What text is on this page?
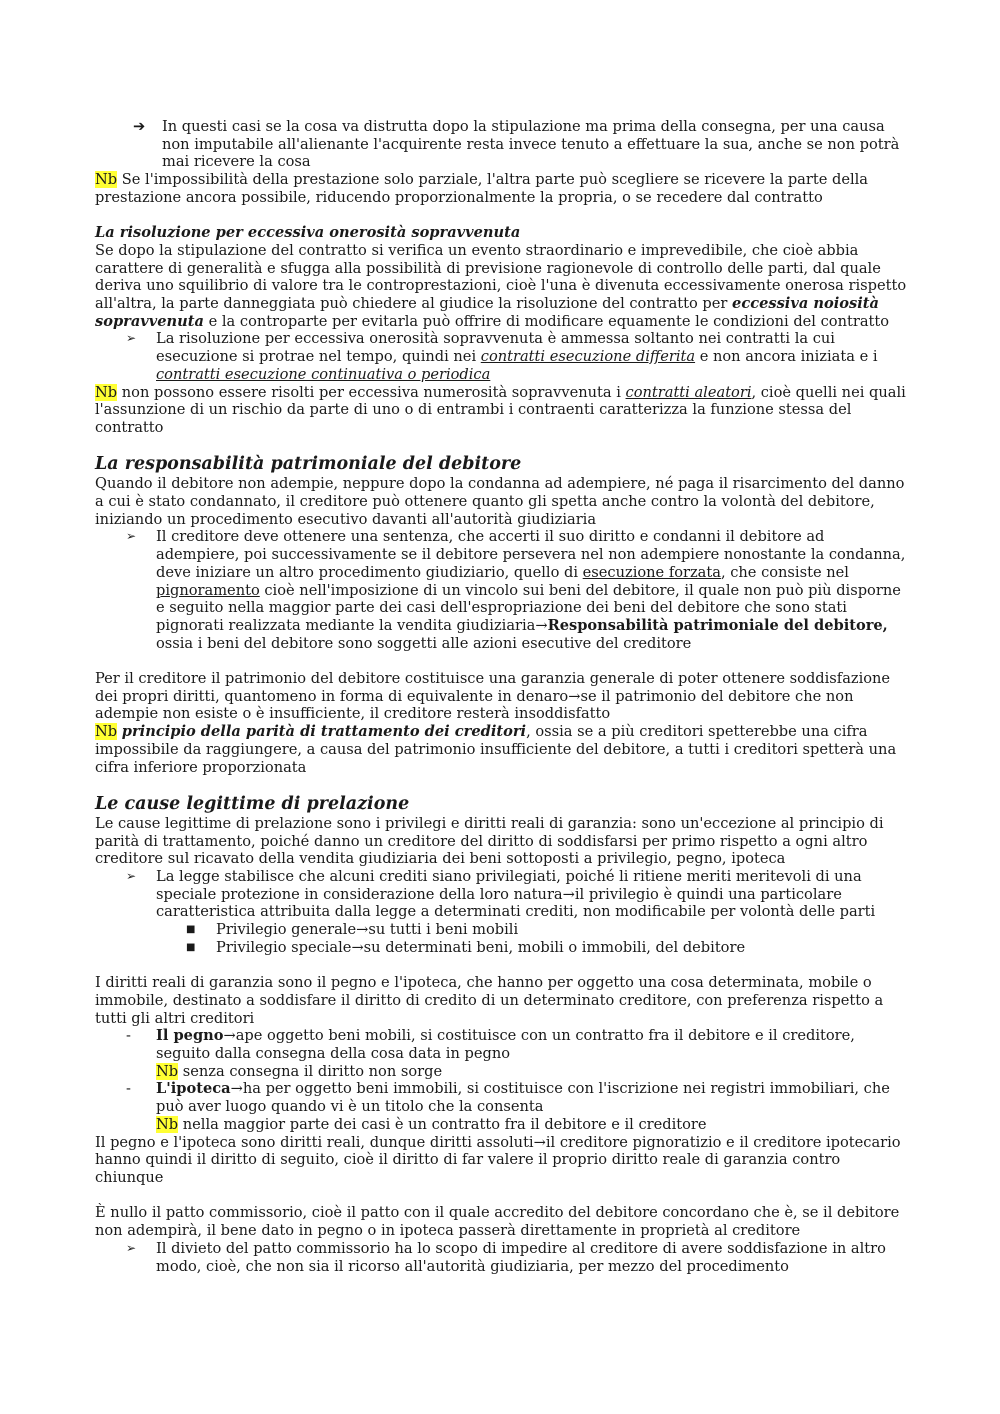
➔ In questi casi se la cosa va distrutta dopo la stipulazione ma prima della consegna, per una causa non imputabile all'alienante l'acquirente resta invece tenuto a effettuare la sua, anche se non potrà mai ricevere la cosa

Nb Se l'impossibilità della prestazione solo parziale, l'altra parte può scegliere se ricevere la parte della prestazione ancora possibile, riducendo proporzionalmente la propria, o se recedere dal contratto

La risoluzione per eccessiva onerosità sopravvenuta

Se dopo la stipulazione del contratto si verifica un evento straordinario e imprevedibile, che cioè abbia carattere di generalità e sfugga alla possibilità di previsione ragionevole di controllo delle parti, dal quale deriva uno squilibrio di valore tra le controprestazioni, cioè l'una è divenuta eccessivamente onerosa rispetto all'altra, la parte danneggiata può chiedere al giudice la risoluzione del contratto per eccessiva noiosità sopravvenuta e la controparte per evitarla può offrire di modificare equamente le condizioni del contratto

➢ La risoluzione per eccessiva onerosità sopravvenuta è ammessa soltanto nei contratti la cui esecuzione si protrae nel tempo, quindi nei contratti esecuzione differita e non ancora iniziata e i contratti esecuzione continuativa o periodica

Nb non possono essere risolti per eccessiva numerosità sopravvenuta i contratti aleatori, cioè quelli nei quali l'assunzione di un rischio da parte di uno o di entrambi i contraenti caratterizza la funzione stessa del contratto

La responsabilità patrimoniale del debitore

Quando il debitore non adempie, neppure dopo la condanna ad adempiere, né paga il risarcimento del danno a cui è stato condannato, il creditore può ottenere quanto gli spetta anche contro la volontà del debitore, iniziando un procedimento esecutivo davanti all'autorità giudiziaria

➢ Il creditore deve ottenere una sentenza, che accerti il suo diritto e condanni il debitore ad adempiere, poi successivamente se il debitore persevera nel non adempiere nonostante la condanna, deve iniziare un altro procedimento giudiziario, quello di esecuzione forzata, che consiste nel pignoramento cioè nell'imposizione di un vincolo sui beni del debitore, il quale non può più disporne e seguito nella maggior parte dei casi dell'espropriazione dei beni del debitore che sono stati pignorati realizzata mediante la vendita giudiziaria→Responsabilità patrimoniale del debitore, ossia i beni del debitore sono soggetti alle azioni esecutive del creditore

Per il creditore il patrimonio del debitore costituisce una garanzia generale di poter ottenere soddisfazione dei propri diritti, quantomeno in forma di equivalente in denaro→se il patrimonio del debitore che non adempie non esiste o è insufficiente, il creditore resterà insoddisfatto

Nb principio della parità di trattamento dei creditori, ossia se a più creditori spetterebbe una cifra impossibile da raggiungere, a causa del patrimonio insufficiente del debitore, a tutti i creditori spetterà una cifra inferiore proporzionata

Le cause legittime di prelazione

Le cause legittime di prelazione sono i privilegi e diritti reali di garanzia: sono un'eccezione al principio di parità di trattamento, poiché danno un creditore del diritto di soddisfarsi per primo rispetto a ogni altro creditore sul ricavato della vendita giudiziaria dei beni sottoposti a privilegio, pegno, ipoteca

➢ La legge stabilisce che alcuni crediti siano privilegiati, poiché li ritiene meriti meritevoli di una speciale protezione in considerazione della loro natura→il privilegio è quindi una particolare caratteristica attribuita dalla legge a determinati crediti, non modificabile per volontà delle parti
■ Privilegio generale→su tutti i beni mobili
■ Privilegio speciale→su determinati beni, mobili o immobili, del debitore

I diritti reali di garanzia sono il pegno e l'ipoteca, che hanno per oggetto una cosa determinata, mobile o immobile, destinato a soddisfare il diritto di credito di un determinato creditore, con preferenza rispetto a tutti gli altri creditori

- Il pegno→ape oggetto beni mobili, si costituisce con un contratto fra il debitore e il creditore, seguito dalla consegna della cosa data in pegno

Nb senza consegna il diritto non sorge

- L'ipoteca→ha per oggetto beni immobili, si costituisce con l'iscrizione nei registri immobiliari, che può aver luogo quando vi è un titolo che la consenta

Nb nella maggior parte dei casi è un contratto fra il debitore e il creditore

Il pegno e l'ipoteca sono diritti reali, dunque diritti assoluti→il creditore pignoratizio e il creditore ipotecario hanno quindi il diritto di seguito, cioè il diritto di far valere il proprio diritto reale di garanzia contro chiunque

È nullo il patto commissorio, cioè il patto con il quale accredito del debitore concordano che è, se il debitore non adempirà, il bene dato in pegno o in ipoteca passerà direttamente in proprietà al creditore

➢ Il divieto del patto commissorio ha lo scopo di impedire al creditore di avere soddisfazione in altro modo, cioè, che non sia il ricorso all'autorità giudiziaria, per mezzo del procedimento
